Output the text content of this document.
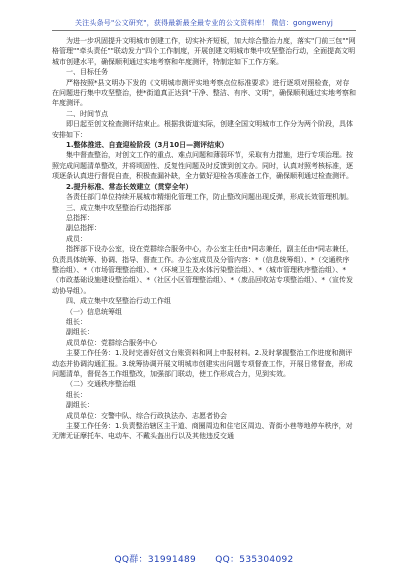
关注头条号"公文研究"，获得最新最全最专业的公文资料库！ 微信：gongwenyj

为进一步巩固提升文明城市创建工作，切实补齐短板，加大综合整治力度，落实"门前三包""网格管理""牵头责任""联动发力"四个工作制度，开展创建文明城市集中攻坚整治行动，全面提高文明城市创建水平，确保顺利通过实地考察和年度测评，特制定如下工作方案。

一、目标任务

严格按照*县文明办下发的《文明城市测评实地考察点位标准要求》进行逐项对照检查，对存在问题进行集中攻坚整治，使*街道真正达到"干净、整洁、有序、文明"，确保顺利通过实地考察和年度测评。

二、时间节点

即日起至创文检查测评结束止。根据我街道实际，创建全国文明城市工作分为两个阶段，具体安排如下：

1.整体推进、自查迎检阶段（3月10日—测评结束）

集中督查整治，对创文工作的重点、难点问题和薄弱环节，采取有力措施，进行专项治理。按照完成问题清单整改，并将顷固性、反复性问题及时反馈到创文办。同时，认真对照考核标准，逐项逐条认真进行督促自查，积极查漏补缺，全力做好迎检各项准备工作，确保顺利通过检查测评。

2.提升标准、常态长效建立（贯穿全年）

各责任部门单位持续开展城市精细化管理工作，防止整改问题出现反弹，形成长效管理机制。

三、成立集中攻坚整治行动指挥部

总指挥：

副总指挥：

成员：

指挥部下设办公室，设在党群综合服务中心，办公室主任由*同志兼任，副主任由*同志兼任，负责具体统筹、协调、指导、督查工作。办公室成员及分管内容：*（信息统筹组）、*（交通秩序整治组）、*（市场管理整治组）、*（环境卫生及水体污染整治组）、*（城市管理秩序整治组）、*（市政基础设施建设整治组）、*（社区小区管理整治组）、*（废品回收站专项整治组）、*（宣传发动协导组）。

四、成立集中攻坚整治行动工作组

（一）信息统筹组

组长：

副组长：

成员单位：党群综合服务中心

主要工作任务：1.及时完善好创文台账资料和网上申报材料。2.及时掌握整治工作进度和测评动态并协调沟通汇报。3.统筹协调开展文明城市创建实出问题专项督查工作，开展日常督查，形成问题清单，督促各工作组整改，加强部门联动，使工作形成合力，见到实效。

（二）交通秩序整治组

组长：

副组长：

成员单位：交警中队、综合行政执法办、志愿者协会

主要工作任务：1.负责整治辖区主干道、商圈周边和住宅区周边、背街小巷等地停车秩序，对无牌无证摩托车、电动车、不戴头盔出行以及其他违反交通

QQ群：31991489 QQ：535304092
